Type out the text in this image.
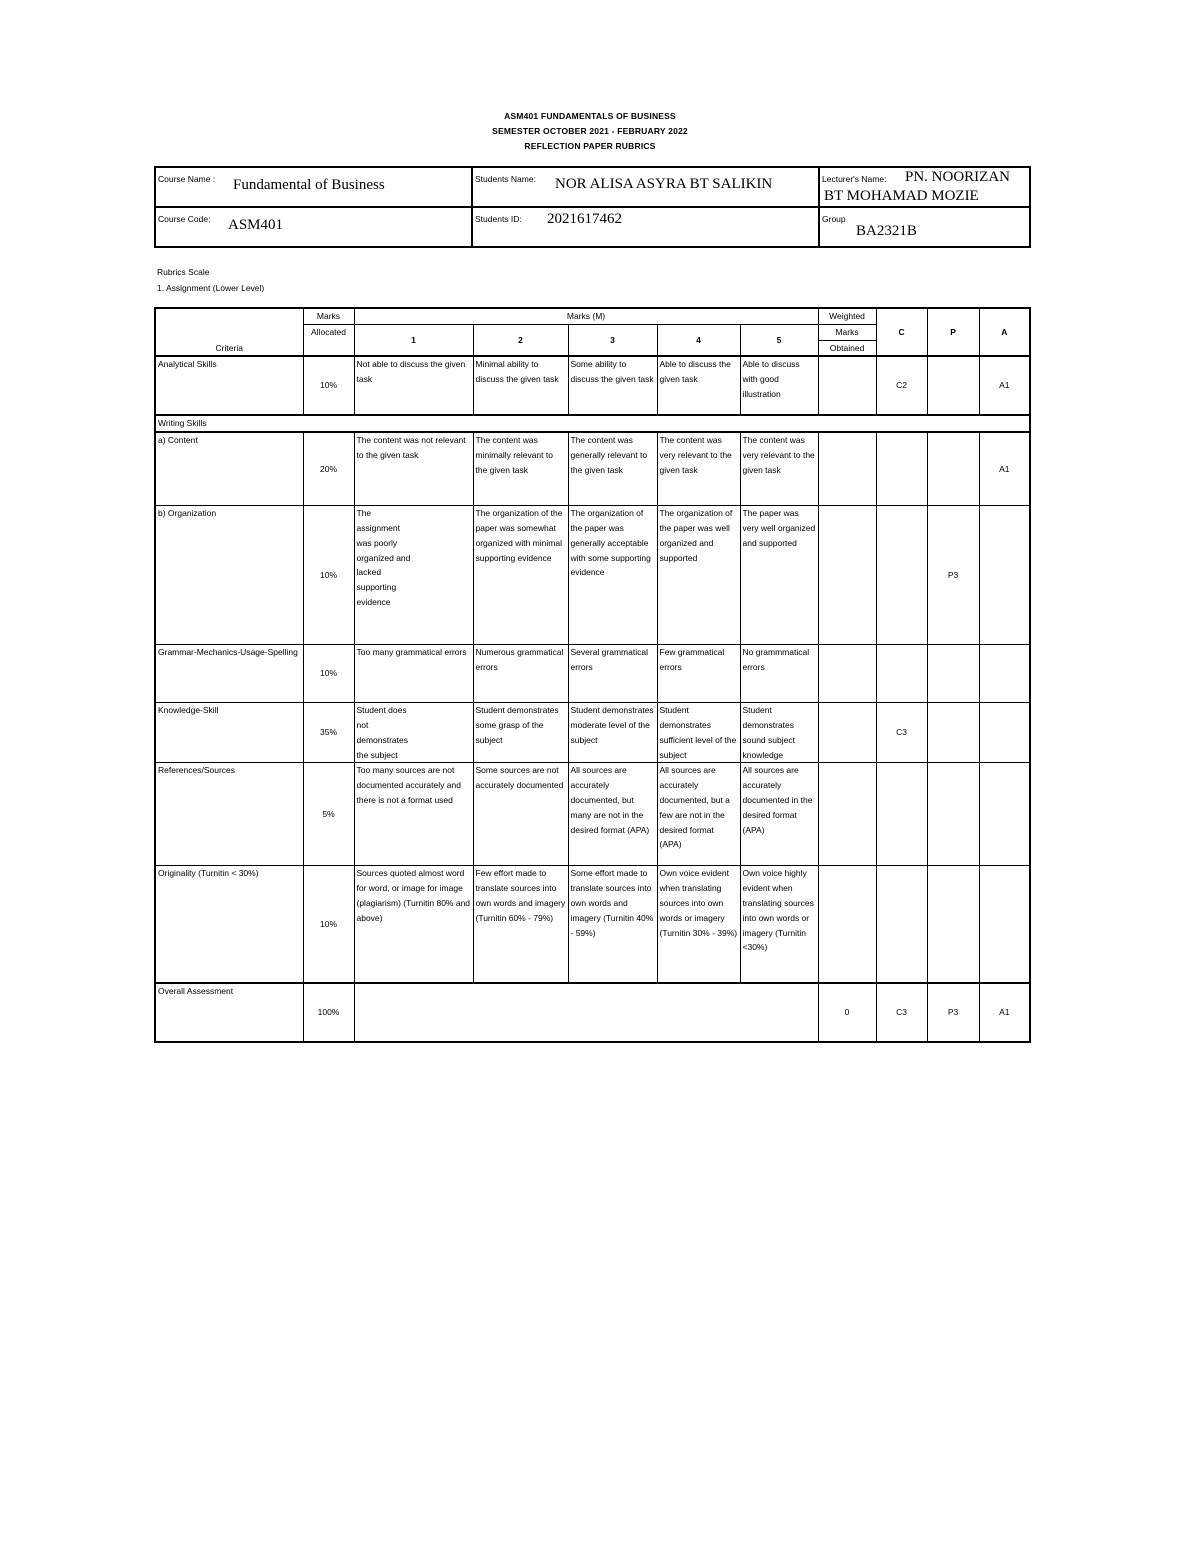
ASM401 FUNDAMENTALS OF BUSINESS
SEMESTER OCTOBER 2021 - FEBRUARY 2022
REFLECTION PAPER RUBRICS
Course Name : Fundamental of Business	Students Name: NOR ALISA ASYRA BT SALIKIN	Lecturer's Name: PN. NOORIZAN
BT MOHAMAD MOZIE

Course Code: ASM401	Students ID: 2021617462	Group
BA2321B
Rubrics Scale
1. Assignment (Lower Level)
Criteria	Marks	Marks (M)					Weighted	C	P	A
	Allocated	1	2	3	4	5	Marks			
							Obtained			
Analytical Skills	10%	Not able to discuss the given task	Minimal ability to discuss the given task	Some ability to discuss the given task	Able to discuss the given task	Able to discuss with good illustration		C2		A1
Writing Skills										
a) Content	20%	The content was not relevant to the given task	The content was minimally relevant to the given task	The content was generally relevant to the given task	The content was very relevant to the given task	The content was very relevant to the given task				A1
b) Organization	10%	The assignment was poorly organized and lacked supporting evidence	The organization of the paper was somewhat organized with minimal supporting evidence	The organization of the paper was generally acceptable with some supporting evidence	The organization of the paper was well organized and supported	The paper was very well organized and supported			P3	
Grammar-Mechanics-Usage-Spelling	10%	Too many grammatical errors	Numerous grammatical errors	Several grammatical errors	Few grammatical errors	No grammmatical errors				
Knowledge-Skill	35%	Student does not demonstrates the subject	Student demonstrates some grasp of the subject	Student demonstrates moderate level of the subject	Student demonstrates sufficient level of the subject	Student demonstrates sound subject knowledge		C3		
References/Sources	5%	Too many sources are not documented accurately and there is not a format used	Some sources are not accurately documented	All sources are accurately documented, but many are not in the desired format (APA)	All sources are accurately documented, but a few are not in the desired format (APA)	All sources are accurately documented in the desired format (APA)				
Originality (Turnitin < 30%)	10%	Sources quoted almost word for word, or image for image (plagiarism) (Turnitin 80% and above)	Few effort made to translate sources into own words and imagery (Turnitin 60% - 79%)	Some effort made to translate sources into own words and imagery (Turnitin 40% - 59%)	Own voice evident when translating sources into own words or imagery (Turnitin 30% - 39%)	Own voice highly evident when translating sources into own words or imagery (Turnitin <30%)				
Overall Assessment	100%						0	C3	P3	A1
